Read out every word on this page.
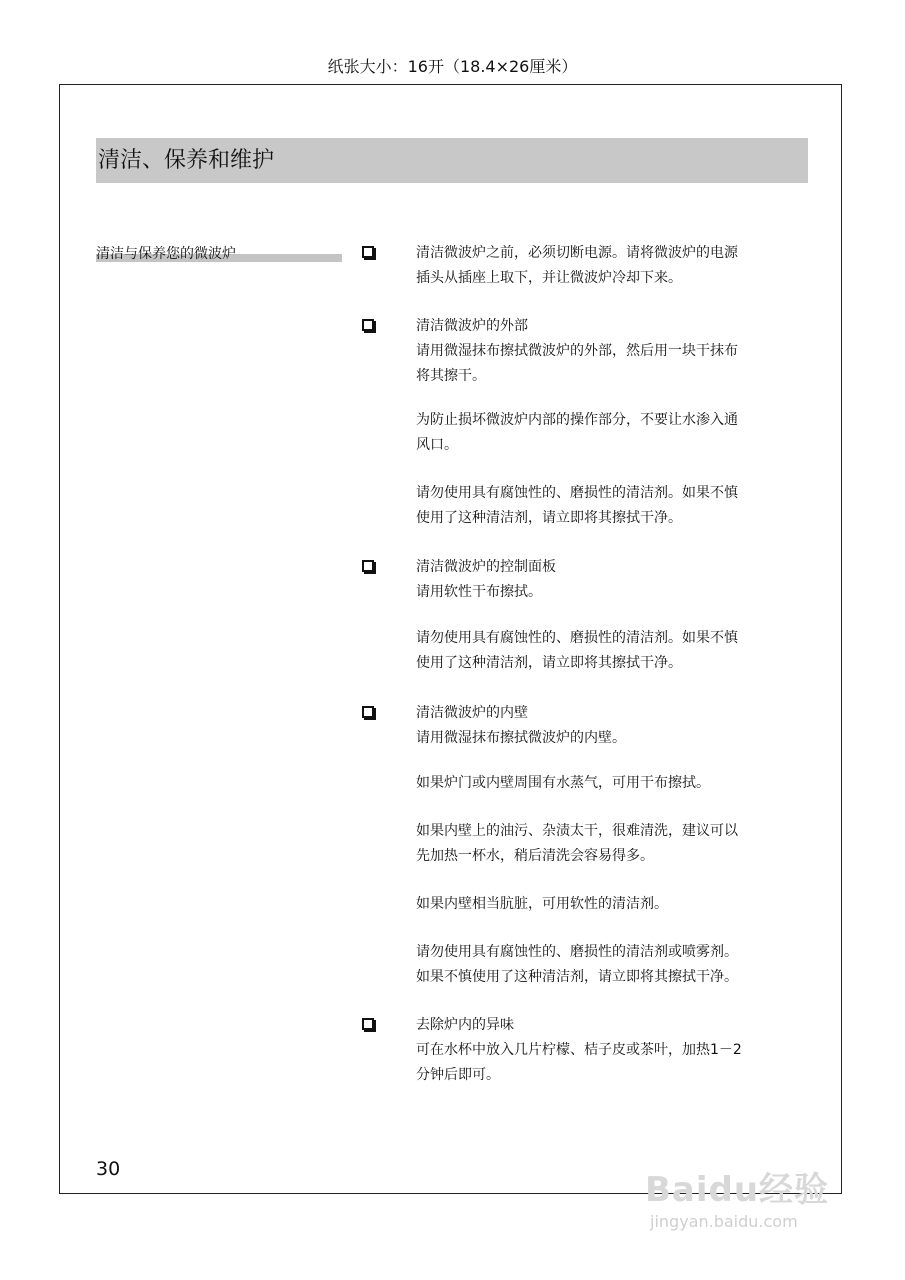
纸张大小：16开（18.4×26厘米）
清洁、保养和维护
清洁与保养您的微波炉	清洁微波炉之前，必须切断电源。请将微波炉的电源
插头从插座上取下，并让微波炉冷却下来。
清洁微波炉的外部
请用微湿抹布擦拭微波炉的外部，然后用一块干抹布
将其擦干。
为防止损坏微波炉内部的操作部分，不要让水渗入通
风口。
请勿使用具有腐蚀性的、磨损性的清洁剂。如果不慎
使用了这种清洁剂，请立即将其擦拭干净。
清洁微波炉的控制面板
请用软性干布擦拭。
请勿使用具有腐蚀性的、磨损性的清洁剂。如果不慎
使用了这种清洁剂，请立即将其擦拭干净。
清洁微波炉的内壁
请用微湿抹布擦拭微波炉的内壁。
如果炉门或内壁周围有水蒸气，可用干布擦拭。
如果内壁上的油污、杂渍太干，很难清洗，建议可以
先加热一杯水，稍后清洗会容易得多。
如果内壁相当肮脏，可用软性的清洁剂。
请勿使用具有腐蚀性的、磨损性的清洁剂或喷雾剂。
如果不慎使用了这种清洁剂，请立即将其擦拭干净。
去除炉内的异味
可在水杯中放入几片柠檬、桔子皮或茶叶，加热1－2
分钟后即可。
30
Baidu经验
jingyan.baidu.com
